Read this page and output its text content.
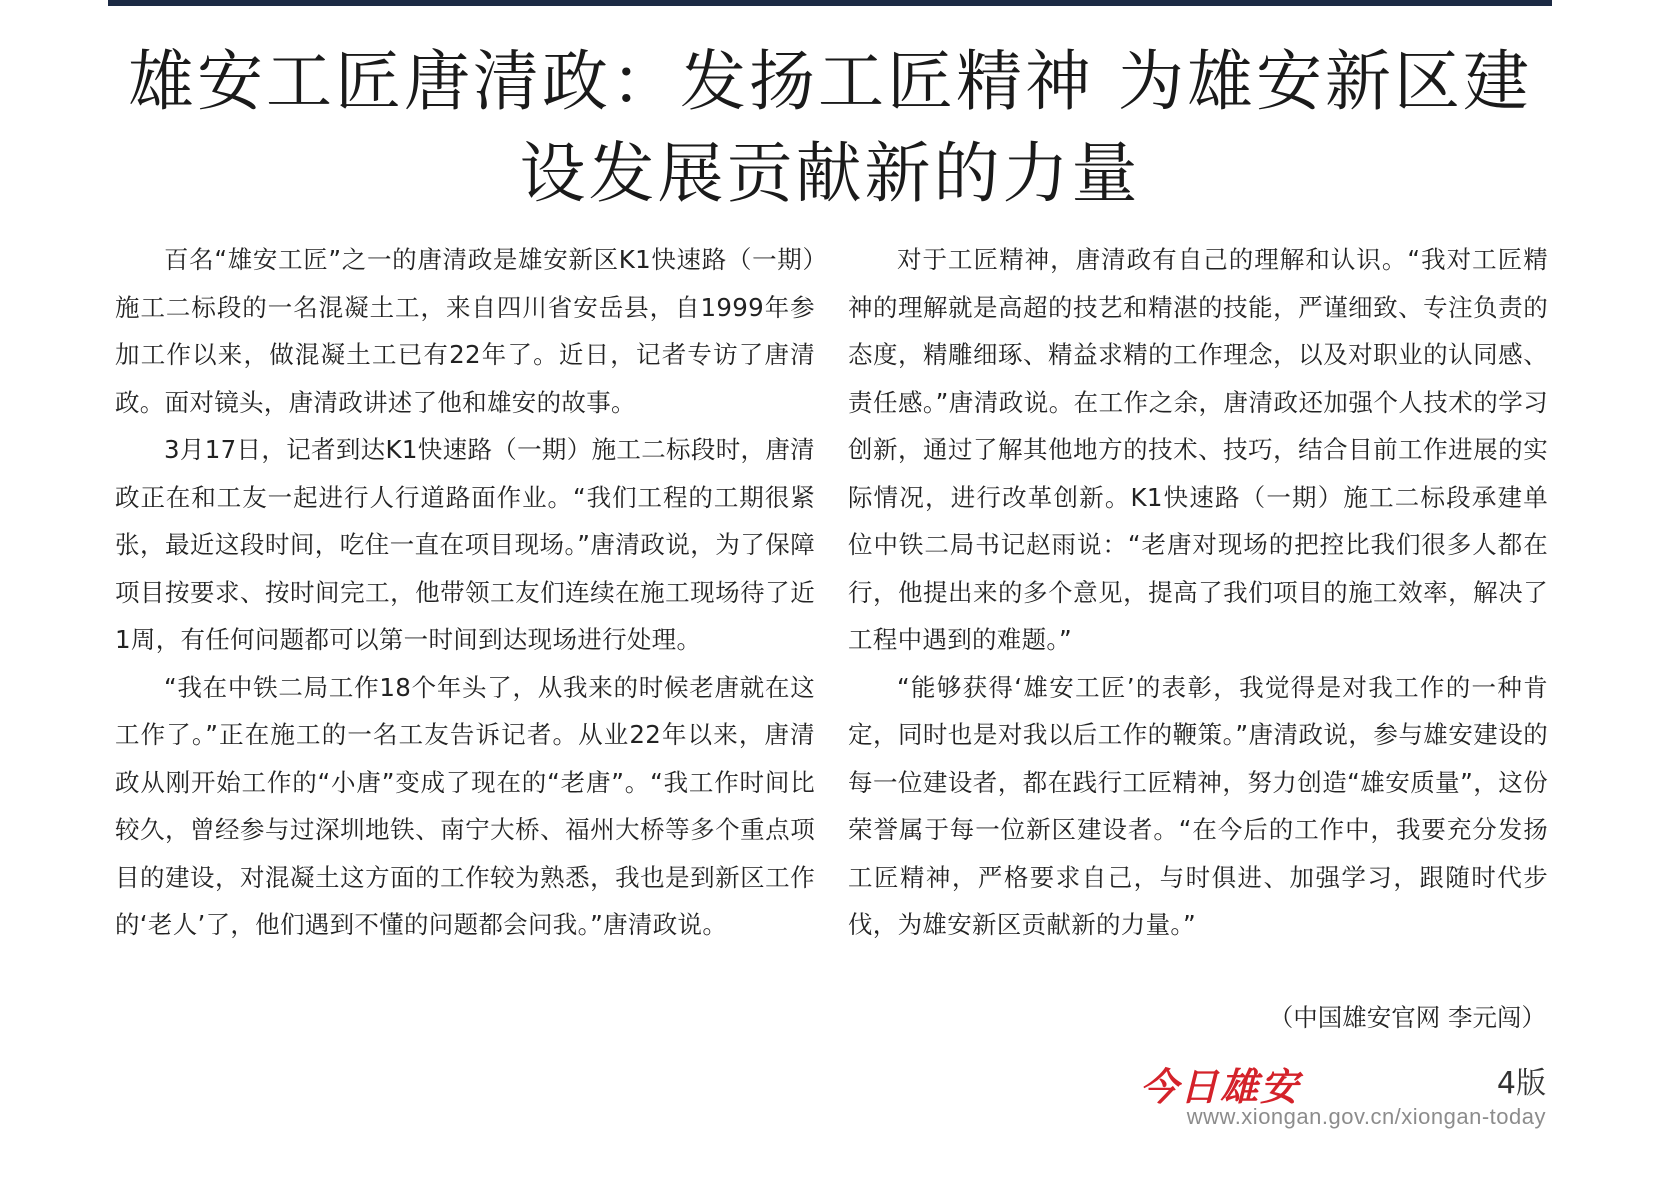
雄安工匠唐清政：发扬工匠精神 为雄安新区建设发展贡献新的力量

百名“雄安工匠”之一的唐清政是雄安新区K1快速路（一期）施工二标段的一名混凝土工，来自四川省安岳县，自1999年参加工作以来，做混凝土工已有22年了。近日，记者专访了唐清政。面对镜头，唐清政讲述了他和雄安的故事。

3月17日，记者到达K1快速路（一期）施工二标段时，唐清政正在和工友一起进行人行道路面作业。“我们工程的工期很紧张，最近这段时间，吃住一直在项目现场。”唐清政说，为了保障项目按要求、按时间完工，他带领工友们连续在施工现场待了近1周，有任何问题都可以第一时间到达现场进行处理。

“我在中铁二局工作18个年头了，从我来的时候老唐就在这工作了。”正在施工的一名工友告诉记者。从业22年以来，唐清政从刚开始工作的“小唐”变成了现在的“老唐”。“我工作时间比较久，曾经参与过深圳地铁、南宁大桥、福州大桥等多个重点项目的建设，对混凝土这方面的工作较为熟悉，我也是到新区工作的‘老人’了，他们遇到不懂的问题都会问我。”唐清政说。

对于工匠精神，唐清政有自己的理解和认识。“我对工匠精神的理解就是高超的技艺和精湛的技能，严谨细致、专注负责的态度，精雕细琢、精益求精的工作理念，以及对职业的认同感、责任感。”唐清政说。在工作之余，唐清政还加强个人技术的学习创新，通过了解其他地方的技术、技巧，结合目前工作进展的实际情况，进行改革创新。K1快速路（一期）施工二标段承建单位中铁二局书记赵雨说：“老唐对现场的把控比我们很多人都在行，他提出来的多个意见，提高了我们项目的施工效率，解决了工程中遇到的难题。”

“能够获得‘雄安工匠’的表彰，我觉得是对我工作的一种肯定，同时也是对我以后工作的鞭策。”唐清政说，参与雄安建设的每一位建设者，都在践行工匠精神，努力创造“雄安质量”，这份荣誉属于每一位新区建设者。“在今后的工作中，我要充分发扬工匠精神，严格要求自己，与时俱进、加强学习，跟随时代步伐，为雄安新区贡献新的力量。”

（中国雄安官网 李元闯）
今日雄安	4版
www.xiongan.gov.cn/xiongan-today
